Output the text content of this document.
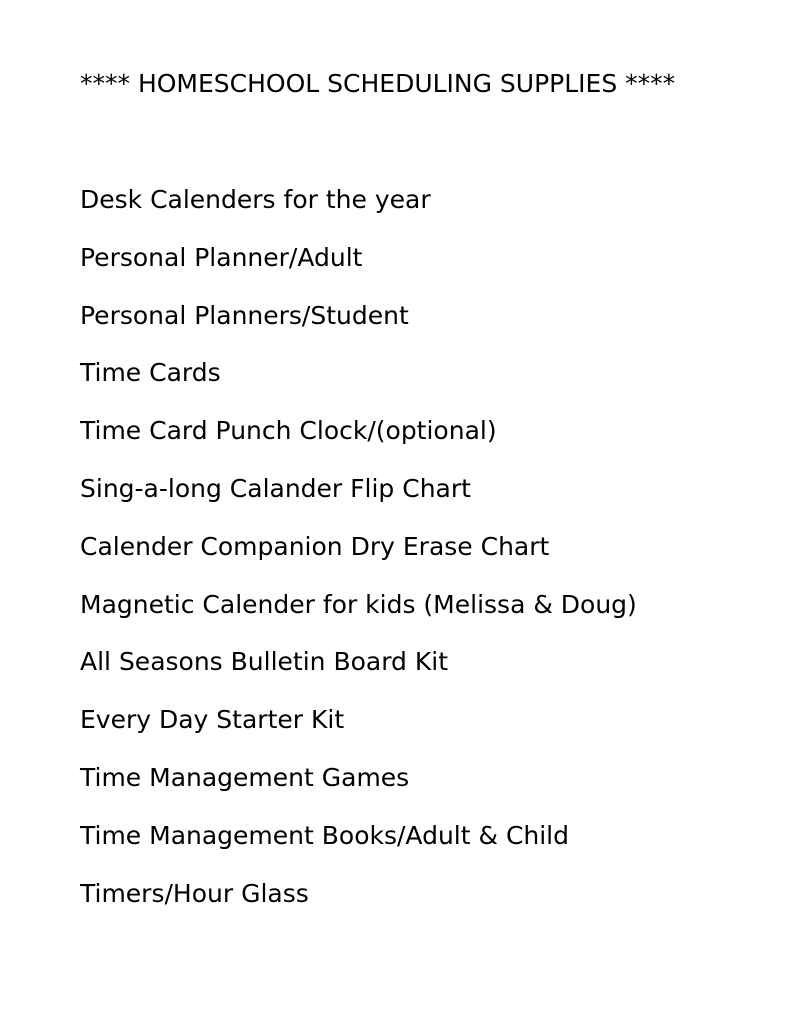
**** HOMESCHOOL SCHEDULING SUPPLIES ****
Desk Calenders for the year
Personal Planner/Adult
Personal Planners/Student
Time Cards
Time Card Punch Clock/(optional)
Sing-a-long Calander Flip Chart
Calender Companion Dry Erase Chart
Magnetic Calender for kids (Melissa & Doug)
All Seasons Bulletin Board Kit
Every Day Starter Kit
Time Management Games
Time Management Books/Adult & Child
Timers/Hour Glass
